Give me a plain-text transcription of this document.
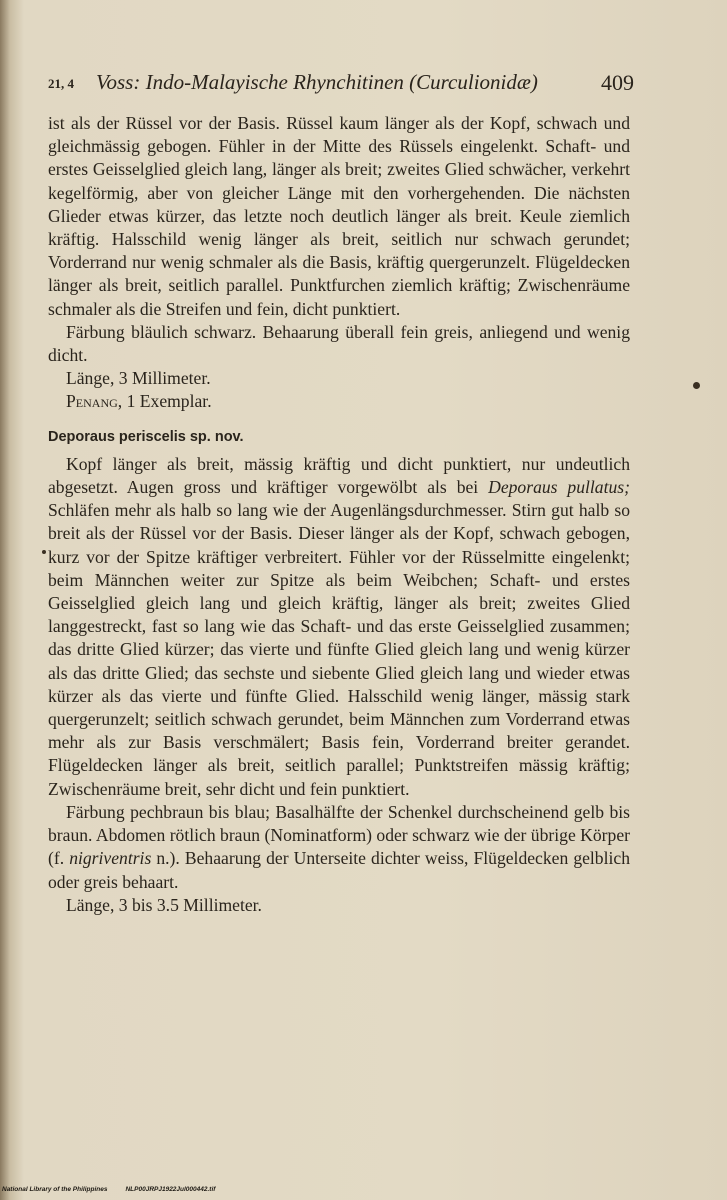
21, 4 Voss: Indo-Malayische Rhynchitinen (Curculionidæ)	409

ist als der Rüssel vor der Basis. Rüssel kaum länger als der Kopf, schwach und gleichmässig gebogen. Fühler in der Mitte des Rüssels eingelenkt. Schaft- und erstes Geisselglied gleich lang, länger als breit; zweites Glied schwächer, verkehrt kegelförmig, aber von gleicher Länge mit den vorhergehenden. Die nächsten Glieder etwas kürzer, das letzte noch deutlich länger als breit. Keule ziemlich kräftig. Halsschild wenig länger als breit, seitlich nur schwach gerundet; Vorderrand nur wenig schmaler als die Basis, kräftig quergerunzelt. Flügeldecken länger als breit, seitlich parallel. Punktfurchen ziemlich kräftig; Zwischenräume schmaler als die Streifen und fein, dicht punktiert.

Färbung bläulich schwarz. Behaarung überall fein greis, anliegend und wenig dicht.

Länge, 3 Millimeter.

Penang, 1 Exemplar.

Deporaus periscelis sp. nov.

Kopf länger als breit, mässig kräftig und dicht punktiert, nur undeutlich abgesetzt. Augen gross und kräftiger vorgewölbt als bei Deporaus pullatus; Schläfen mehr als halb so lang wie der Augenlängsdurchmesser. Stirn gut halb so breit als der Rüssel vor der Basis. Dieser länger als der Kopf, schwach gebogen, kurz vor der Spitze kräftiger verbreitert. Fühler vor der Rüsselmitte eingelenkt; beim Männchen weiter zur Spitze als beim Weibchen; Schaft- und erstes Geisselglied gleich lang und gleich kräftig, länger als breit; zweites Glied langgestreckt, fast so lang wie das Schaft- und das erste Geisselglied zusammen; das dritte Glied kürzer; das vierte und fünfte Glied gleich lang und wenig kürzer als das dritte Glied; das sechste und siebente Glied gleich lang und wieder etwas kürzer als das vierte und fünfte Glied. Halsschild wenig länger, mässig stark quergerunzelt; seitlich schwach gerundet, beim Männchen zum Vorderrand etwas mehr als zur Basis verschmälert; Basis fein, Vorderrand breiter gerandet. Flügeldecken länger als breit, seitlich parallel; Punktstreifen mässig kräftig; Zwischenräume breit, sehr dicht und fein punktiert.

Färbung pechbraun bis blau; Basalhälfte der Schenkel durchscheinend gelb bis braun. Abdomen rötlich braun (Nominatform) oder schwarz wie der übrige Körper (f. nigriventris n.). Behaarung der Unterseite dichter weiss, Flügeldecken gelblich oder greis behaart.

Länge, 3 bis 3.5 Millimeter.

National Library of the Philippines	NLP00JRPJ1922Jul000442.tif
